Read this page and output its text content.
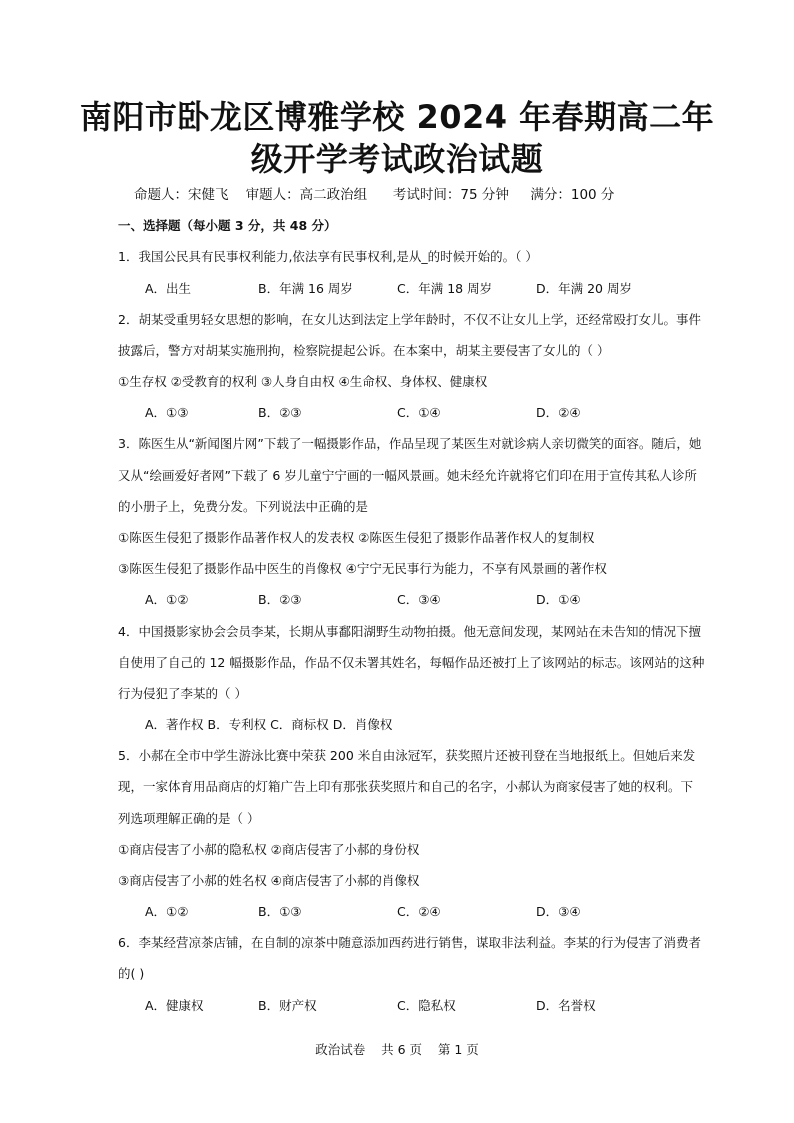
南阳市卧龙区博雅学校 2024 年春期高二年
级开学考试政治试题
命题人：宋健飞 审题人：高二政治组 考试时间：75 分钟 满分：100 分
一、选择题（每小题 3 分，共 48 分）
1．我国公民具有民事权利能力,依法享有民事权利,是从_的时候开始的。（ ）
A．出生	B．年满 16 周岁	C．年满 18 周岁	D．年满 20 周岁
2．胡某受重男轻女思想的影响，在女儿达到法定上学年龄时，不仅不让女儿上学，还经常殴打女儿。事件
披露后，警方对胡某实施刑拘，检察院提起公诉。在本案中，胡某主要侵害了女儿的（ ）
①生存权 ②受教育的权利 ③人身自由权 ④生命权、身体权、健康权
A．①③	B．②③	C．①④	D．②④
3．陈医生从“新闻图片网”下载了一幅摄影作品，作品呈现了某医生对就诊病人亲切微笑的面容。随后，她
又从“绘画爱好者网”下载了 6 岁儿童宁宁画的一幅风景画。她未经允许就将它们印在用于宣传其私人诊所
的小册子上，免费分发。下列说法中正确的是
①陈医生侵犯了摄影作品著作权人的发表权 ②陈医生侵犯了摄影作品著作权人的复制权
③陈医生侵犯了摄影作品中医生的肖像权 ④宁宁无民事行为能力，不享有风景画的著作权
A．①②	B．②③	C．③④	D．①④
4．中国摄影家协会会员李某，长期从事鄱阳湖野生动物拍摄。他无意间发现，某网站在未告知的情况下擅
自使用了自己的 12 幅摄影作品，作品不仅未署其姓名，每幅作品还被打上了该网站的标志。该网站的这种
行为侵犯了李某的（ ）
A．著作权 B．专利权 C．商标权 D．肖像权
5．小郝在全市中学生游泳比赛中荣获 200 米自由泳冠军，获奖照片还被刊登在当地报纸上。但她后来发
现，一家体育用品商店的灯箱广告上印有那张获奖照片和自己的名字，小郝认为商家侵害了她的权利。下
列选项理解正确的是（ ）
①商店侵害了小郝的隐私权 ②商店侵害了小郝的身份权
③商店侵害了小郝的姓名权 ④商店侵害了小郝的肖像权
A．①②	B．①③	C．②④	D．③④
6．李某经营凉茶店铺，在自制的凉茶中随意添加西药进行销售，谋取非法利益。李某的行为侵害了消费者
的( )
A．健康权	B．财产权	C．隐私权	D．名誉权
政治试卷    共 6 页    第 1 页
